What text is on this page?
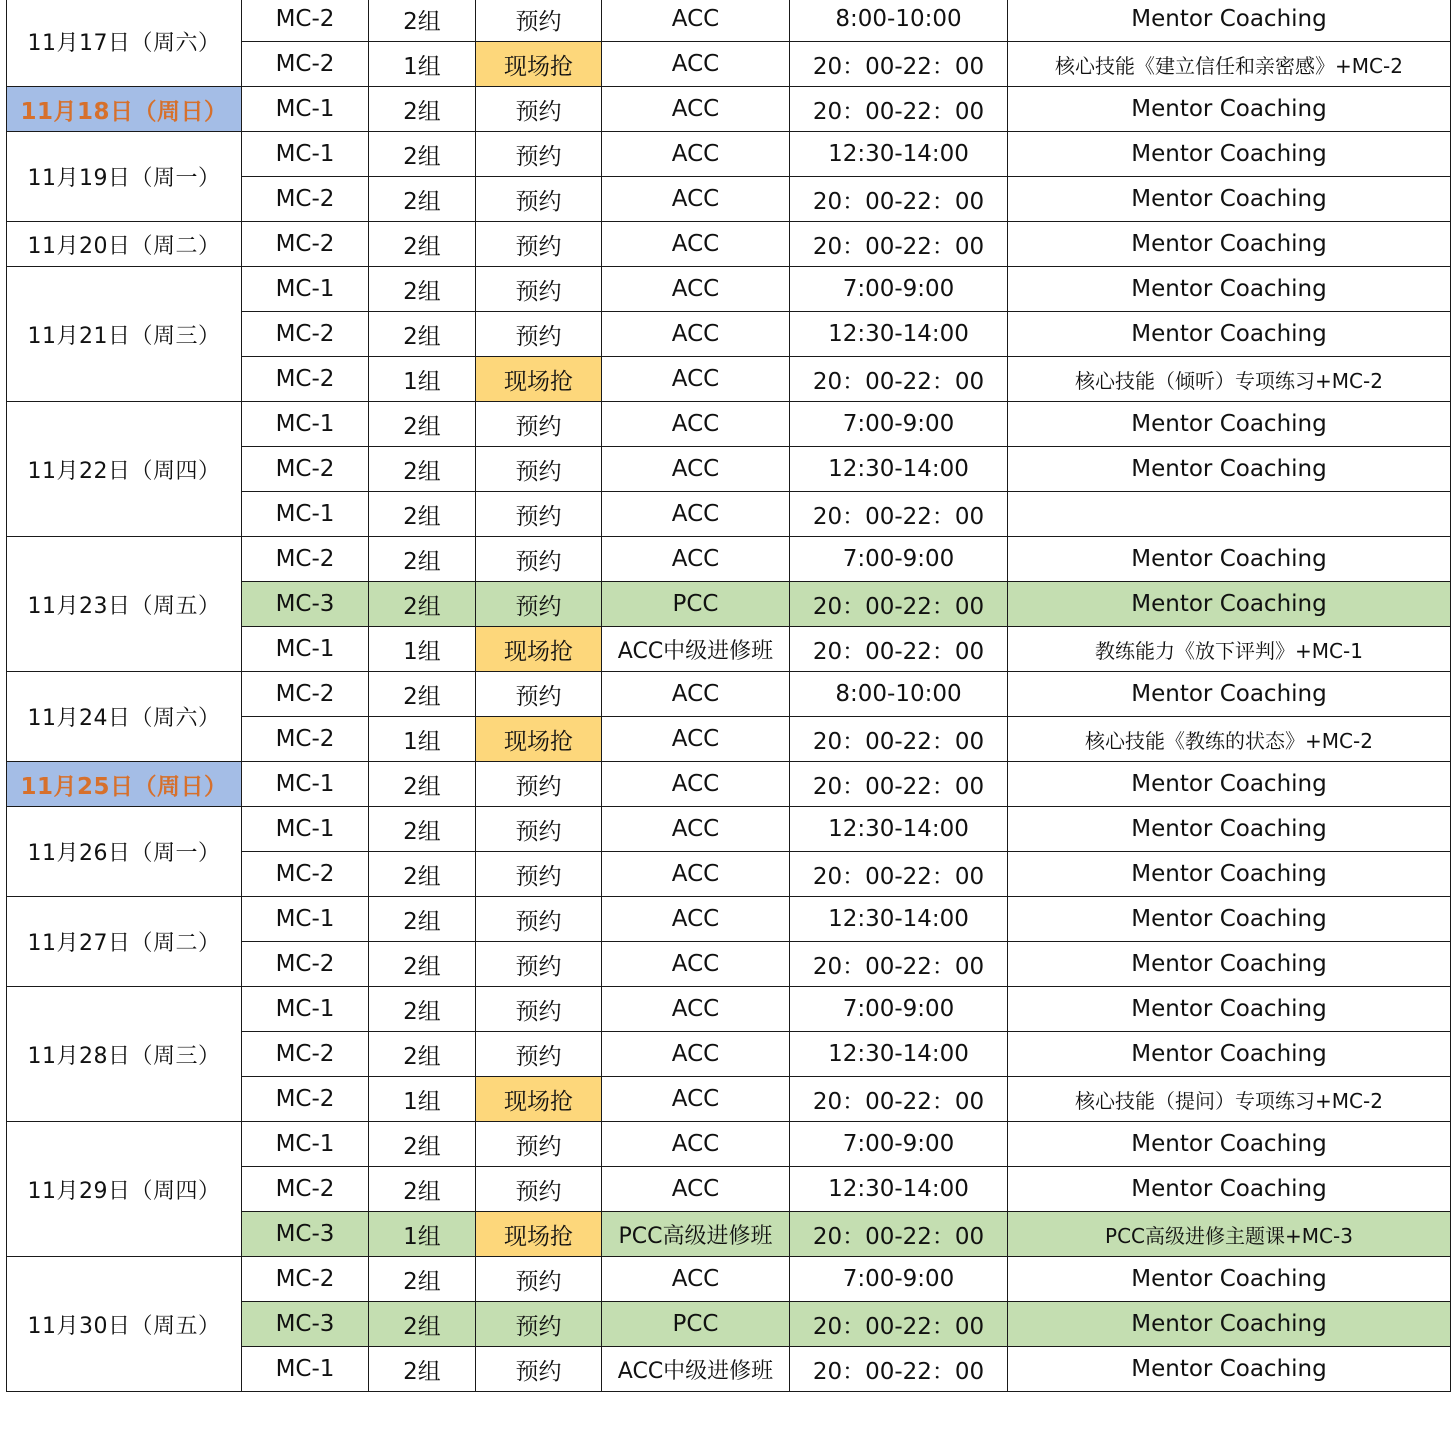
11月17日（周六）	MC-2	2组	预约	ACC	8:00-10:00	Mentor Coaching
	MC-2	1组	现场抢	ACC	20：00-22：00	核心技能《建立信任和亲密感》+MC-2
11月18日（周日）	MC-1	2组	预约	ACC	20：00-22：00	Mentor Coaching
11月19日（周一）	MC-1	2组	预约	ACC	12:30-14:00	Mentor Coaching
	MC-2	2组	预约	ACC	20：00-22：00	Mentor Coaching
11月20日（周二）	MC-2	2组	预约	ACC	20：00-22：00	Mentor Coaching
11月21日（周三）	MC-1	2组	预约	ACC	7:00-9:00	Mentor Coaching
	MC-2	2组	预约	ACC	12:30-14:00	Mentor Coaching
	MC-2	1组	现场抢	ACC	20：00-22：00	核心技能（倾听）专项练习+MC-2
11月22日（周四）	MC-1	2组	预约	ACC	7:00-9:00	Mentor Coaching
	MC-2	2组	预约	ACC	12:30-14:00	Mentor Coaching
	MC-1	2组	预约	ACC	20：00-22：00	
11月23日（周五）	MC-2	2组	预约	ACC	7:00-9:00	Mentor Coaching
	MC-3	2组	预约	PCC	20：00-22：00	Mentor Coaching
	MC-1	1组	现场抢	ACC中级进修班	20：00-22：00	教练能力《放下评判》+MC-1
11月24日（周六）	MC-2	2组	预约	ACC	8:00-10:00	Mentor Coaching
	MC-2	1组	现场抢	ACC	20：00-22：00	核心技能《教练的状态》+MC-2
11月25日（周日）	MC-1	2组	预约	ACC	20：00-22：00	Mentor Coaching
11月26日（周一）	MC-1	2组	预约	ACC	12:30-14:00	Mentor Coaching
	MC-2	2组	预约	ACC	20：00-22：00	Mentor Coaching
11月27日（周二）	MC-1	2组	预约	ACC	12:30-14:00	Mentor Coaching
	MC-2	2组	预约	ACC	20：00-22：00	Mentor Coaching
11月28日（周三）	MC-1	2组	预约	ACC	7:00-9:00	Mentor Coaching
	MC-2	2组	预约	ACC	12:30-14:00	Mentor Coaching
	MC-2	1组	现场抢	ACC	20：00-22：00	核心技能（提问）专项练习+MC-2
11月29日（周四）	MC-1	2组	预约	ACC	7:00-9:00	Mentor Coaching
	MC-2	2组	预约	ACC	12:30-14:00	Mentor Coaching
	MC-3	1组	现场抢	PCC高级进修班	20：00-22：00	PCC高级进修主题课+MC-3
11月30日（周五）	MC-2	2组	预约	ACC	7:00-9:00	Mentor Coaching
	MC-3	2组	预约	PCC	20：00-22：00	Mentor Coaching
	MC-1	2组	预约	ACC中级进修班	20：00-22：00	Mentor Coaching
